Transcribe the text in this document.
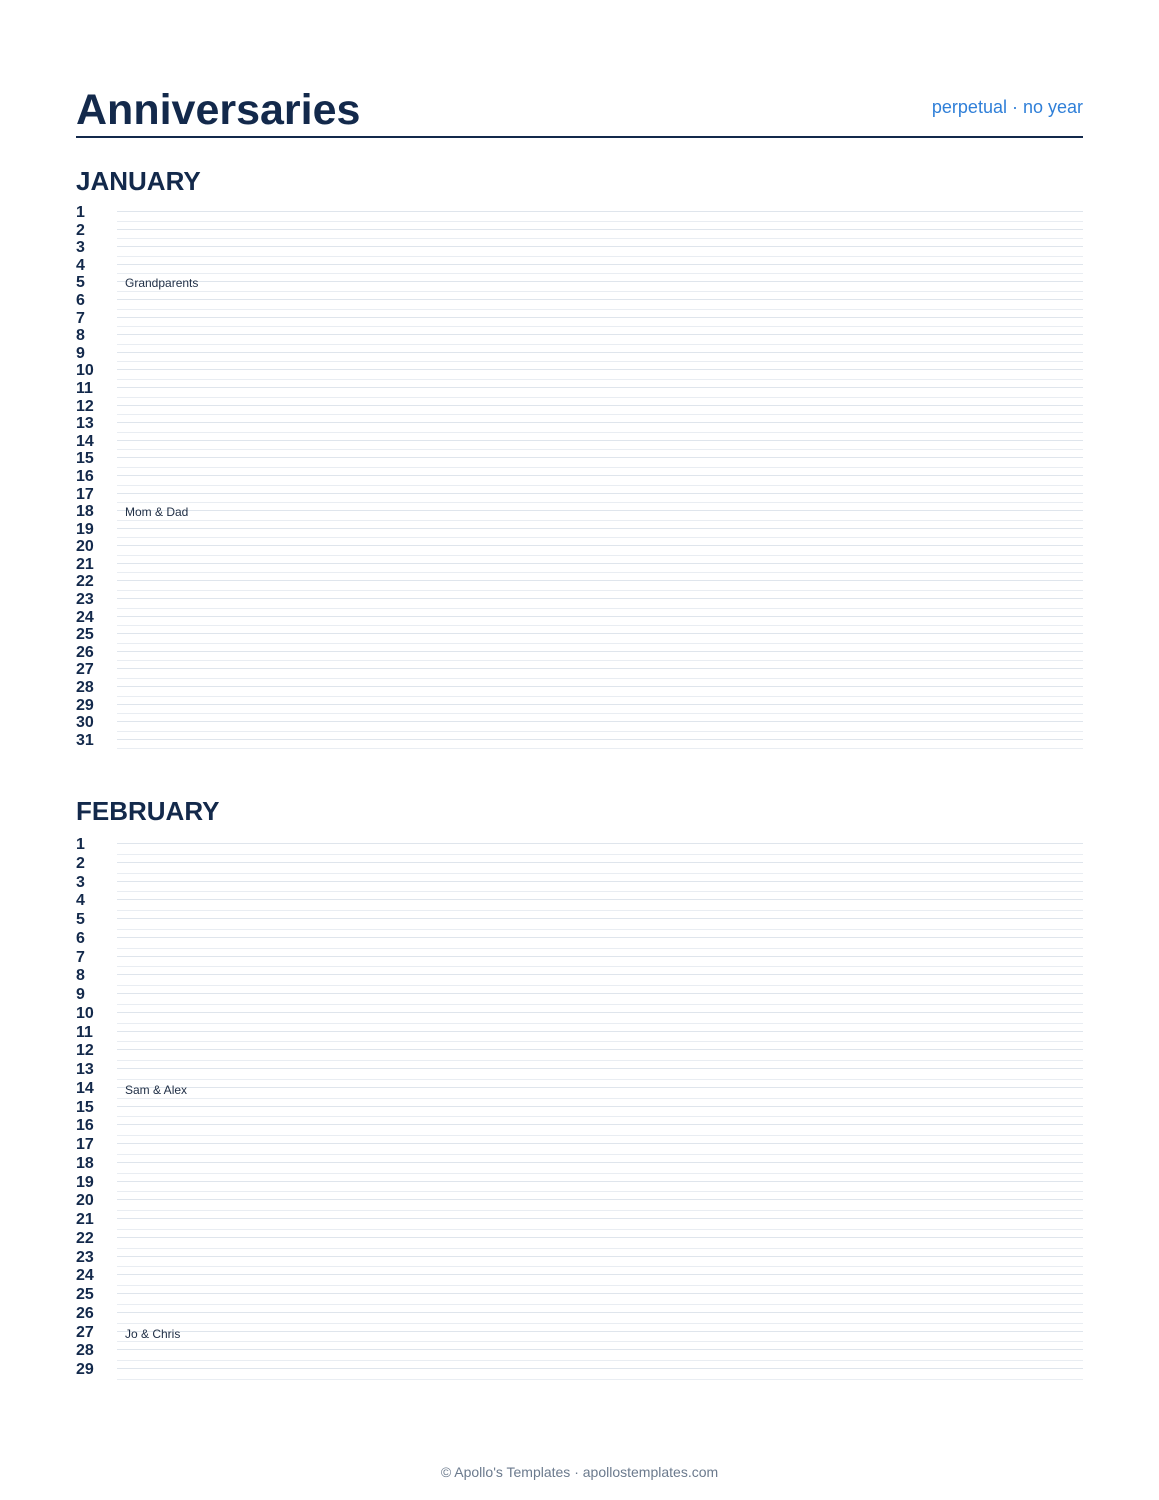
Anniversaries	perpetual · no year
JANUARY
1
2
3
4
5	Grandparents
6
7
8
9
10
11
12
13
14
15
16
17
18	Mom & Dad
19
20
21
22
23
24
25
26
27
28
29
30
31
FEBRUARY
1
2
3
4
5
6
7
8
9
10
11
12
13
14	Sam & Alex
15
16
17
18
19
20
21
22
23
24
25
26
27	Jo & Chris
28
29
© Apollo's Templates · apollostemplates.com
